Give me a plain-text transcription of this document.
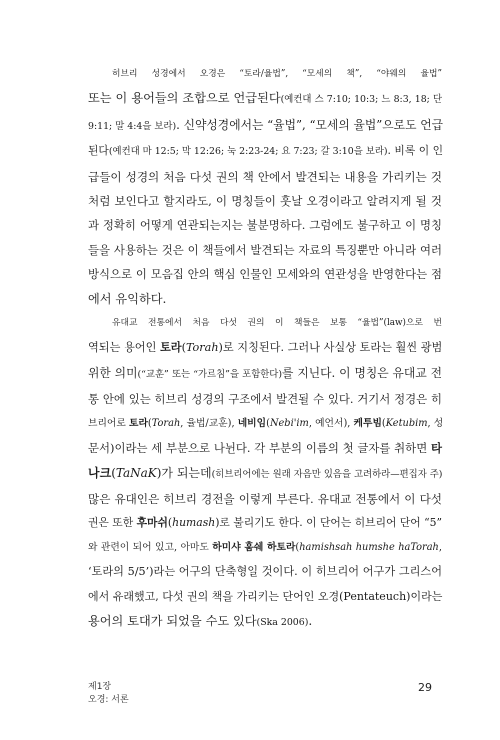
히브리 성경에서 오경은 “토라/율법”, “모세의 책”, “야웨의 율법”
또는 이 용어들의 조합으로 언급된다(예컨대 스 7:10; 10:3; 느 8:3, 18; 단
9:11; 말 4:4을 보라). 신약성경에서는 “율법”, “모세의 율법”으로도 언급
된다(예컨대 마 12:5; 막 12:26; 눅 2:23-24; 요 7:23; 갈 3:10을 보라). 비록 이 인
급들이 성경의 처음 다섯 권의 책 안에서 발견되는 내용을 가리키는 것
처럼 보인다고 할지라도, 이 명칭들이 훗날 오경이라고 알려지게 될 것
과 정확히 어떻게 연관되는지는 불분명하다. 그럼에도 불구하고 이 명칭
들을 사용하는 것은 이 책들에서 발견되는 자료의 특징뿐만 아니라 여러
방식으로 이 모음집 안의 핵심 인물인 모세와의 연관성을 반영한다는 점
에서 유익하다.

유대교 전통에서 처음 다섯 권의 이 책들은 보통 “율법”(law)으로 번
역되는 용어인 토라(Torah)로 지칭된다. 그러나 사실상 토라는 훨씬 광범
위한 의미(“교훈” 또는 “가르침”을 포함한다)를 지닌다. 이 명칭은 유대교 전
통 안에 있는 히브리 성경의 구조에서 발견될 수 있다. 거기서 정경은 히
브리어로 토라(Torah, 율법/교훈), 네비임(Nebi'im, 예언서), 케투빔(Ketubim, 성
문서)이라는 세 부분으로 나뉜다. 각 부분의 이름의 첫 글자를 취하면 타
나크(TaNaK)가 되는데(히브리어에는 원래 자음만 있음을 고려하라—편집자 주)
많은 유대인은 히브리 경전을 이렇게 부른다. 유대교 전통에서 이 다섯
권은 또한 후마쉬(humash)로 불리기도 한다. 이 단어는 히브리어 단어 “5”
와 관련이 되어 있고, 아마도 하미샤 훔쉐 하토라(hamishsah humshe haTorah,
‘토라의 5/5’)라는 어구의 단축형일 것이다. 이 히브리어 어구가 그리스어
에서 유래했고, 다섯 권의 책을 가리키는 단어인 오경(Pentateuch)이라는
용어의 토대가 되었을 수도 있다(Ska 2006).

제1장
오경: 서론
29
